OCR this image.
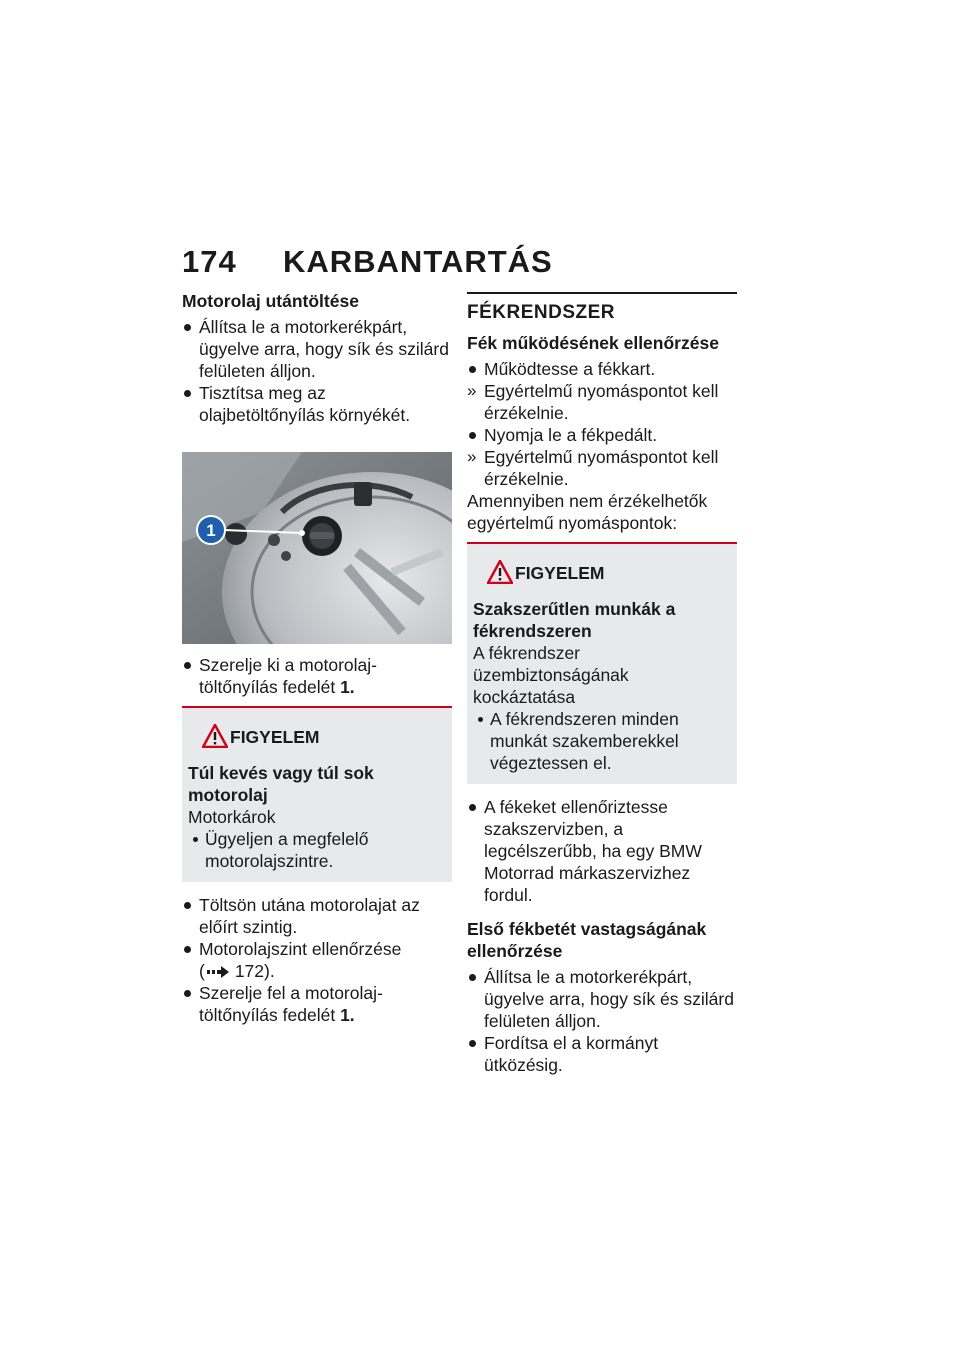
174 KARBANTARTÁS
Motorolaj utántöltése
Állítsa le a motorkerékpárt, ügyelve arra, hogy sík és szilárd felületen álljon.
Tisztítsa meg az olajbetöltőnyílás környékét.
1
Szerelje ki a motorolaj-töltőnyílás fedelét 1.
FIGYELEM
Túl kevés vagy túl sok motorolaj
Motorkárok
Ügyeljen a megfelelő motorolajszintre.
Töltsön utána motorolajat az előírt szintig.
Motorolajszint ellenőrzése
( 172).
Szerelje fel a motorolaj-töltőnyílás fedelét 1.
FÉKRENDSZER
Fék működésének ellenőrzése
Működtesse a fékkart.
» Egyértelmű nyomáspontot kell érzékelnie.
Nyomja le a fékpedált.
» Egyértelmű nyomáspontot kell érzékelnie.
Amennyiben nem érzékelhetők egyértelmű nyomáspontok:
FIGYELEM
Szakszerűtlen munkák a fékrendszeren
A fékrendszer üzembiztonságának kockáztatása
A fékrendszeren minden munkát szakemberekkel végeztessen el.
A fékeket ellenőriztesse szakszervizben, a legcélszerűbb, ha egy BMW Motorrad márkaszervizhez fordul.
Első fékbetét vastagságának ellenőrzése
Állítsa le a motorkerékpárt, ügyelve arra, hogy sík és szilárd felületen álljon.
Fordítsa el a kormányt ütközésig.
